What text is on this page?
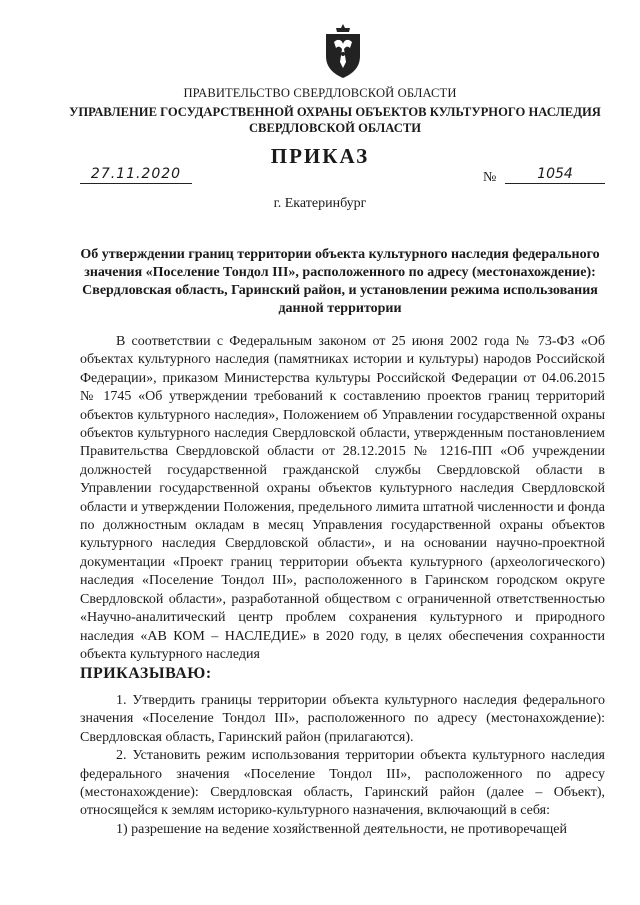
ПРАВИТЕЛЬСТВО СВЕРДЛОВСКОЙ ОБЛАСТИ
УПРАВЛЕНИЕ ГОСУДАРСТВЕННОЙ ОХРАНЫ ОБЪЕКТОВ КУЛЬТУРНОГО НАСЛЕДИЯ СВЕРДЛОВСКОЙ ОБЛАСТИ
ПРИКАЗ
27.11.2020	№	1054
г. Екатеринбург
Об утверждении границ территории объекта культурного наследия федерального значения «Поселение Тондол III», расположенного по адресу (местонахождение): Свердловская область, Гаринский район, и установлении режима использования данной территории

В соответствии с Федеральным законом от 25 июня 2002 года № 73-ФЗ «Об объектах культурного наследия (памятниках истории и культуры) народов Российской Федерации», приказом Министерства культуры Российской Федерации от 04.06.2015 № 1745 «Об утверждении требований к составлению проектов границ территорий объектов культурного наследия», Положением об Управлении государственной охраны объектов культурного наследия Свердловской области, утвержденным постановлением Правительства Свердловской области от 28.12.2015 № 1216-ПП «Об учреждении должностей государственной гражданской службы Свердловской области в Управлении государственной охраны объектов культурного наследия Свердловской области и утверждении Положения, предельного лимита штатной численности и фонда по должностным окладам в месяц Управления государственной охраны объектов культурного наследия Свердловской области», и на основании научно-проектной документации «Проект границ территории объекта культурного (археологического) наследия «Поселение Тондол III», расположенного в Гаринском городском округе Свердловской области», разработанной обществом с ограниченной ответственностью «Научно-аналитический центр проблем сохранения культурного и природного наследия «АВ КОМ – НАСЛЕДИЕ» в 2020 году, в целях обеспечения сохранности объекта культурного наследия

ПРИКАЗЫВАЮ:

1. Утвердить границы территории объекта культурного наследия федерального значения «Поселение Тондол III», расположенного по адресу (местонахождение): Свердловская область, Гаринский район (прилагаются).

2. Установить режим использования территории объекта культурного наследия федерального значения «Поселение Тондол III», расположенного по адресу (местонахождение): Свердловская область, Гаринский район (далее – Объект), относящейся к землям историко-культурного назначения, включающий в себя:

1) разрешение на ведение хозяйственной деятельности, не противоречащей
